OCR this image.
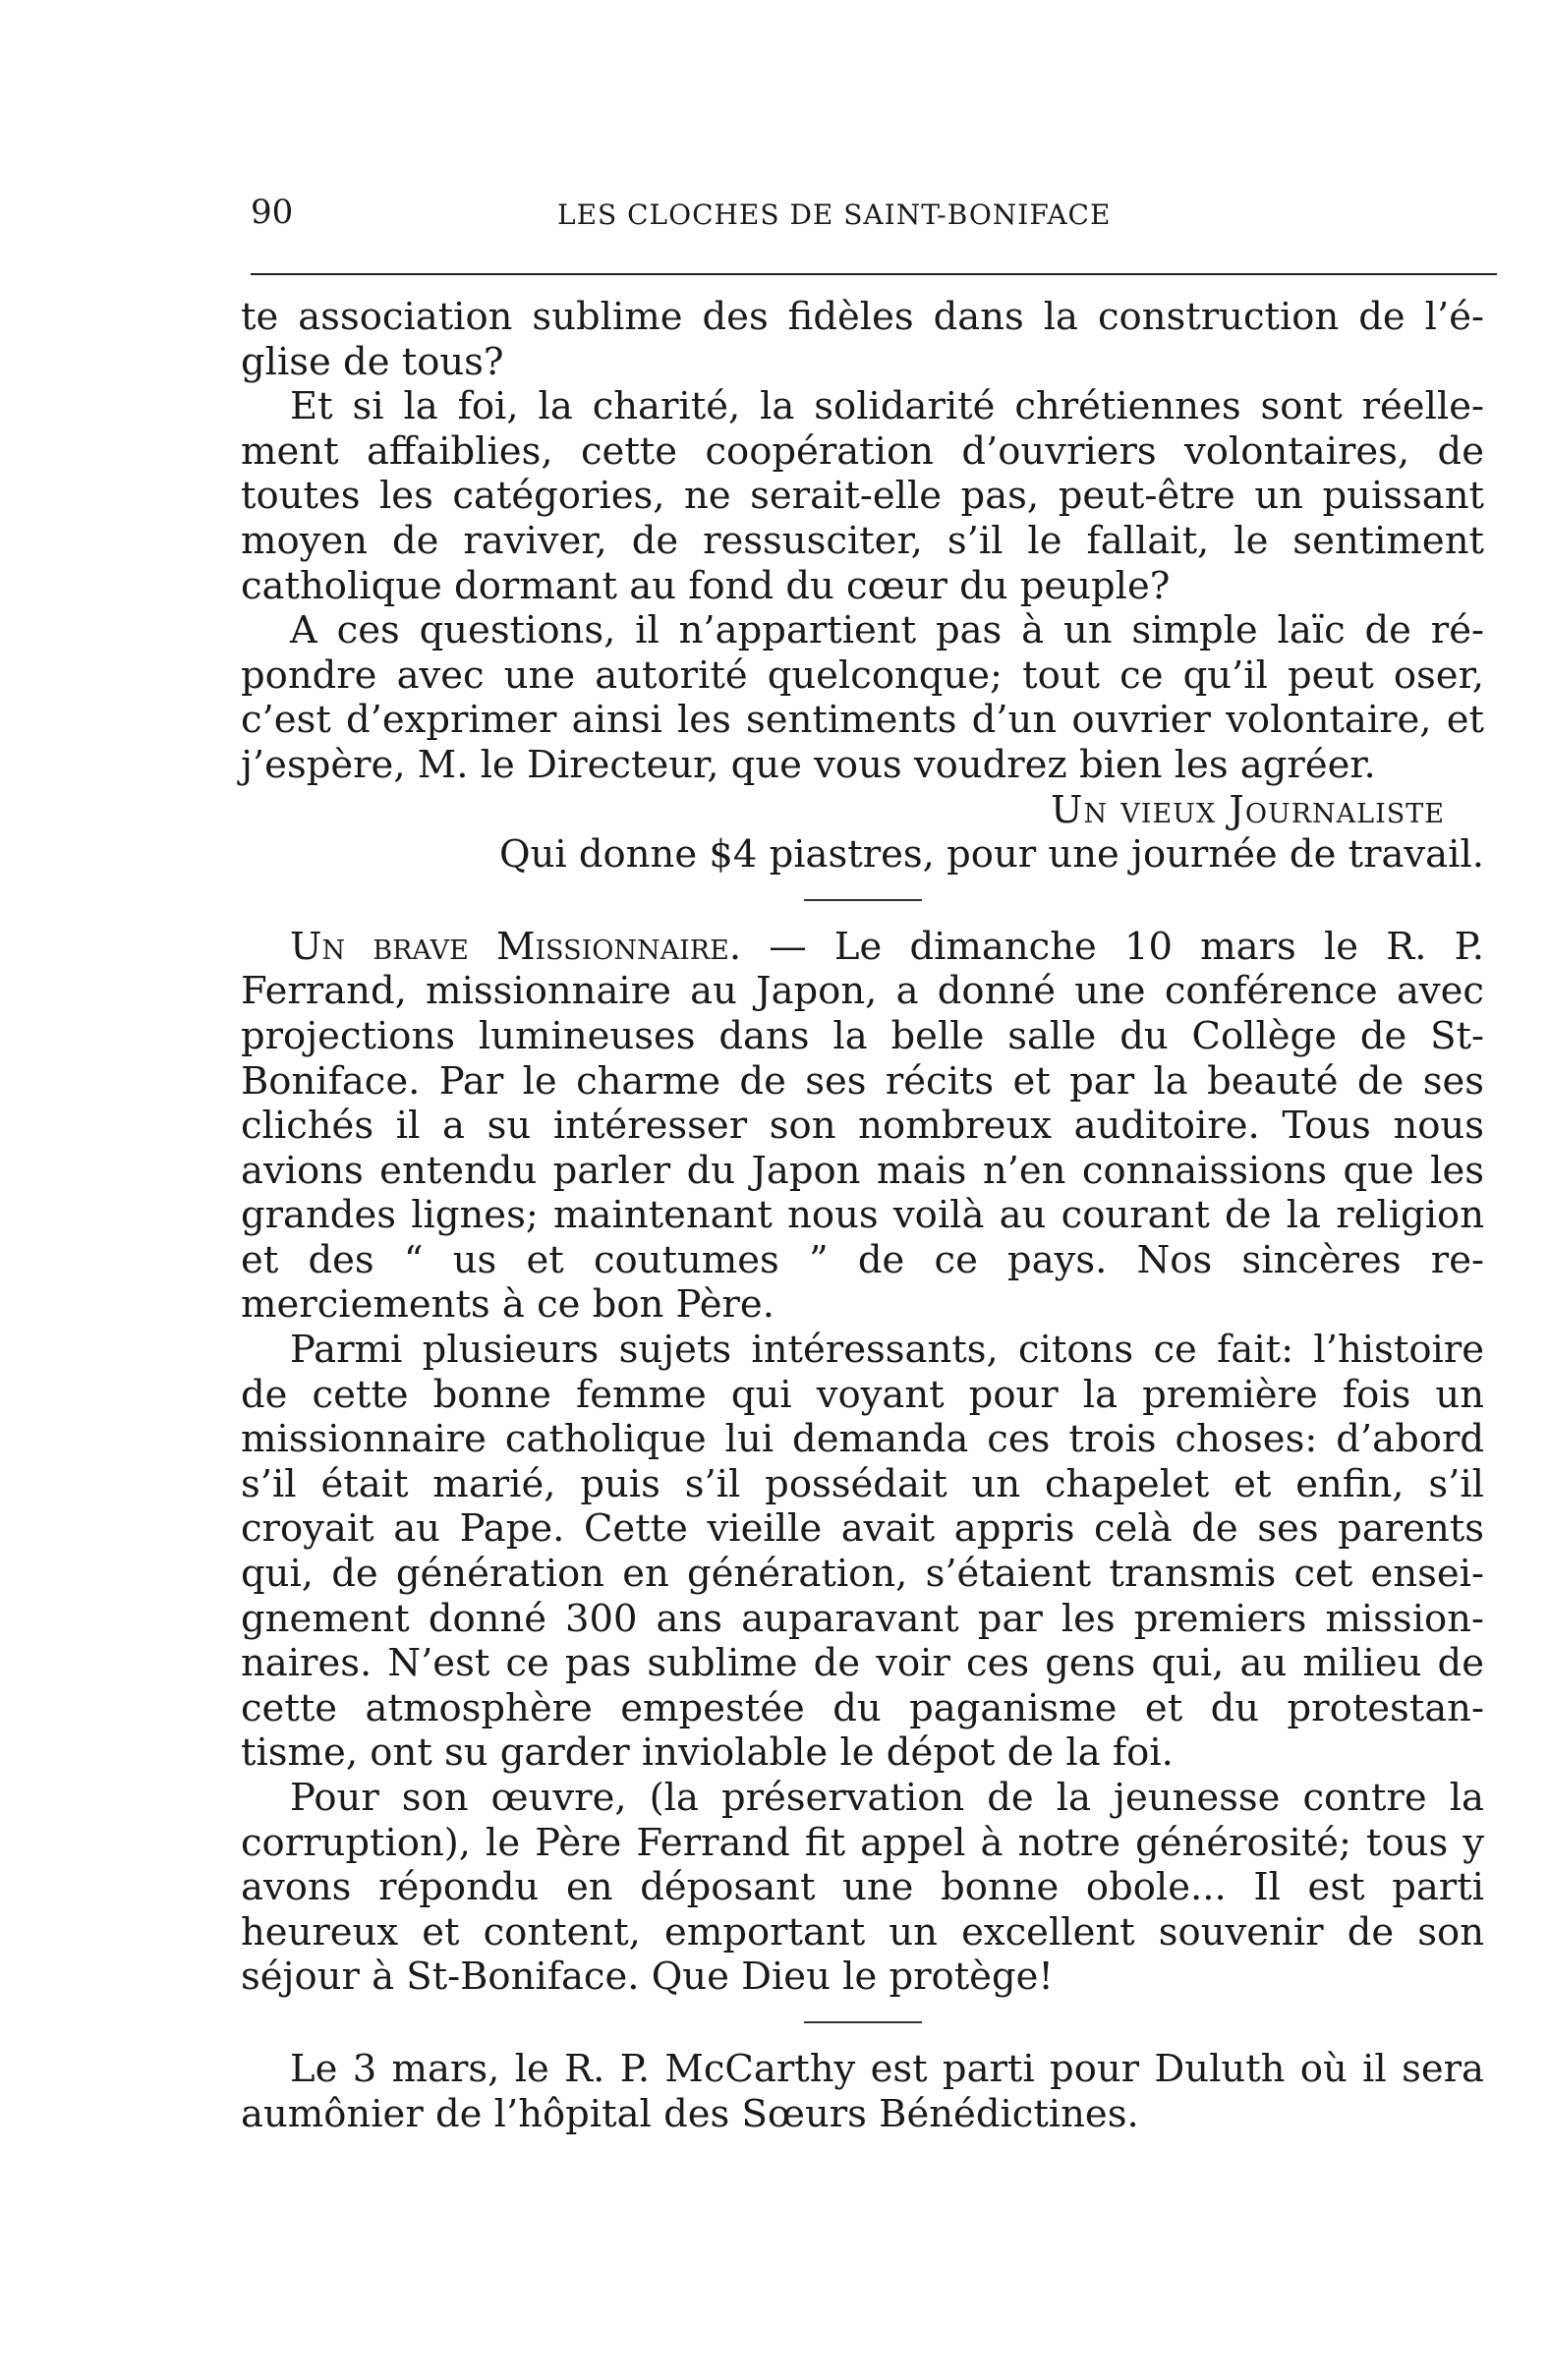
90	LES CLOCHES DE SAINT-BONIFACE

te association sublime des fidèles dans la construction de l’é-glise de tous?

Et si la foi, la charité, la solidarité chrétiennes sont réelle-ment affaiblies, cette coopération d’ouvriers volontaires, de toutes les catégories, ne serait-elle pas, peut-être un puissant moyen de raviver, de ressusciter, s’il le fallait, le sentiment catholique dormant au fond du cœur du peuple?

A ces questions, il n’appartient pas à un simple laïc de ré-pondre avec une autorité quelconque; tout ce qu’il peut oser, c’est d’exprimer ainsi les sentiments d’un ouvrier volontaire, et j’espère, M. le Directeur, que vous voudrez bien les agréer.

Un vieux Journaliste

Qui donne $4 piastres, pour une journée de travail.

Un brave Missionnaire. — Le dimanche 10 mars le R. P. Ferrand, missionnaire au Japon, a donné une conférence avec projections lumineuses dans la belle salle du Collège de St-Boniface. Par le charme de ses récits et par la beauté de ses clichés il a su intéresser son nombreux auditoire. Tous nous avions entendu parler du Japon mais n’en connaissions que les grandes lignes; maintenant nous voilà au courant de la religion et des “ us et coutumes ” de ce pays. Nos sincères re-merciements à ce bon Père.

Parmi plusieurs sujets intéressants, citons ce fait: l’histoire de cette bonne femme qui voyant pour la première fois un missionnaire catholique lui demanda ces trois choses: d’abord s’il était marié, puis s’il possédait un chapelet et enfin, s’il croyait au Pape. Cette vieille avait appris celà de ses parents qui, de génération en génération, s’étaient transmis cet ensei-gnement donné 300 ans auparavant par les premiers mission-naires. N’est ce pas sublime de voir ces gens qui, au milieu de cette atmosphère empestée du paganisme et du protestan-tisme, ont su garder inviolable le dépot de la foi.

Pour son œuvre, (la préservation de la jeunesse contre la corruption), le Père Ferrand fit appel à notre générosité; tous y avons répondu en déposant une bonne obole... Il est parti heureux et content, emportant un excellent souvenir de son séjour à St-Boniface. Que Dieu le protège!

Le 3 mars, le R. P. McCarthy est parti pour Duluth où il sera aumônier de l’hôpital des Sœurs Bénédictines.
